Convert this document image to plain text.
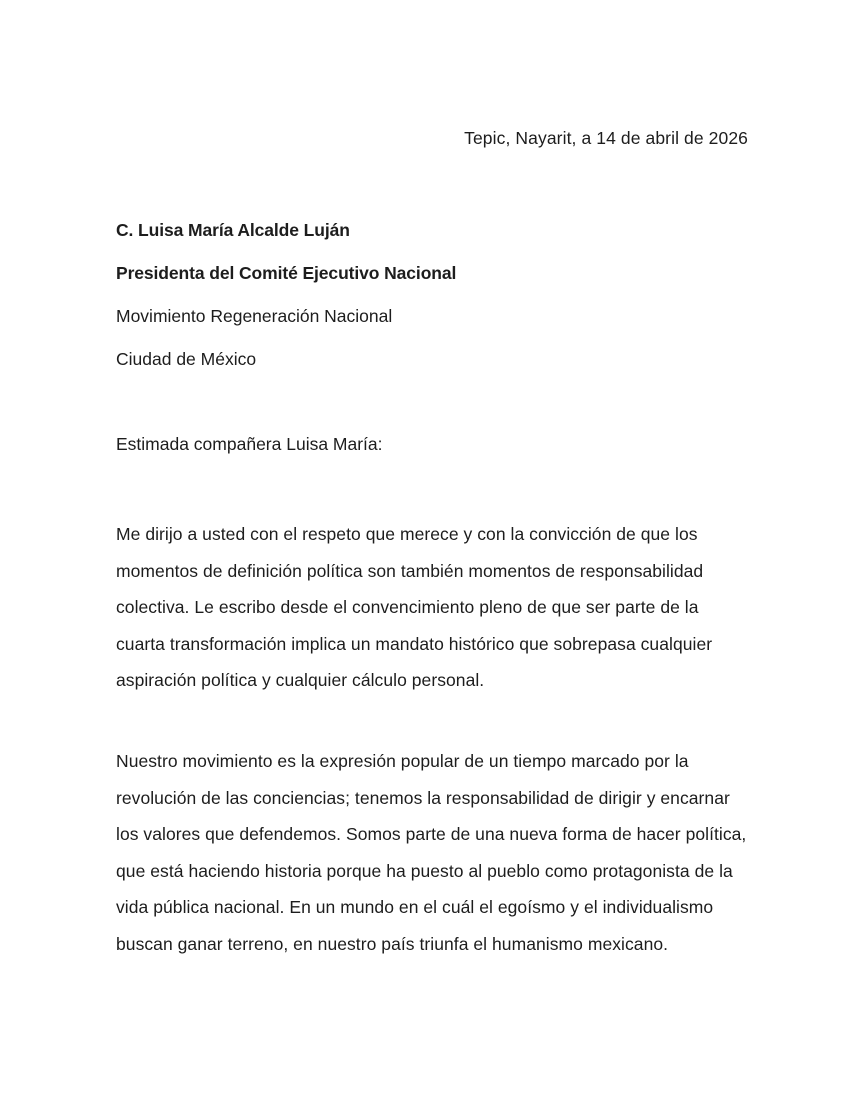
Tepic, Nayarit, a 14 de abril de 2026
C. Luisa María Alcalde Luján
Presidenta del Comité Ejecutivo Nacional
Movimiento Regeneración Nacional
Ciudad de México
Estimada compañera Luisa María:

Me dirijo a usted con el respeto que merece y con la convicción de que los momentos de definición política son también momentos de responsabilidad colectiva. Le escribo desde el convencimiento pleno de que ser parte de la cuarta transformación implica un mandato histórico que sobrepasa cualquier aspiración política y cualquier cálculo personal.

Nuestro movimiento es la expresión popular de un tiempo marcado por la revolución de las conciencias; tenemos la responsabilidad de dirigir y encarnar los valores que defendemos. Somos parte de una nueva forma de hacer política, que está haciendo historia porque ha puesto al pueblo como protagonista de la vida pública nacional. En un mundo en el cuál el egoísmo y el individualismo buscan ganar terreno, en nuestro país triunfa el humanismo mexicano.
